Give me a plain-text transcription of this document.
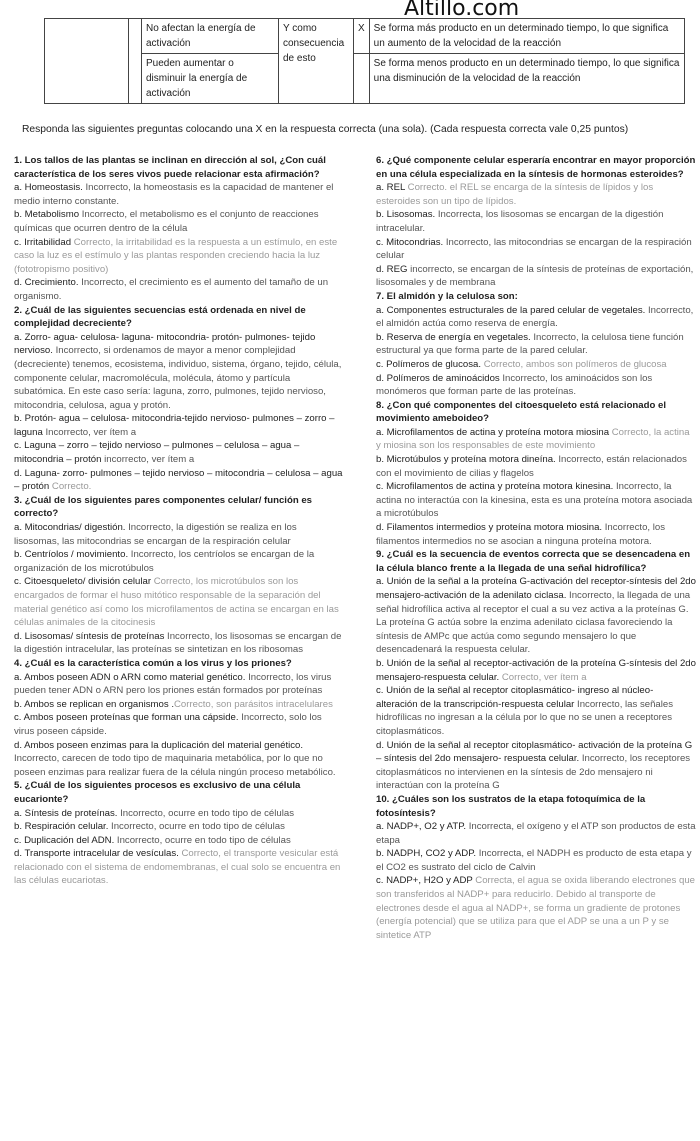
Altillo.com
		No afectan la energía de activación	Y como consecuencia de esto	X	Se forma más producto en un determinado tiempo, lo que significa un aumento de la velocidad de la reacción
		Pueden aumentar o disminuir la energía de activación			Se forma menos producto en un determinado tiempo, lo que significa una disminución de la velocidad de la reacción
Responda las siguientes preguntas colocando una X en la respuesta correcta (una sola). (Cada respuesta correcta vale 0,25 puntos)

1. Los tallos de las plantas se inclinan en dirección al sol, ¿Con cuál característica de los seres vivos puede relacionar esta afirmación?

a. Homeostasis. Incorrecto, la homeostasis es la capacidad de mantener el medio interno constante.

b. Metabolismo Incorrecto, el metabolismo es el conjunto de reacciones químicas que ocurren dentro de la célula

c. Irritabilidad Correcto, la irritabilidad es la respuesta a un estímulo, en este caso la luz es el estímulo y las plantas responden creciendo hacia la luz (fototropismo positivo)

d. Crecimiento. Incorrecto, el crecimiento es el aumento del tamaño de un organismo.

2. ¿Cuál de las siguientes secuencias está ordenada en nivel de complejidad decreciente?

a. Zorro- agua- celulosa- laguna- mitocondria- protón- pulmones- tejido nervioso. Incorrecto, si ordenamos de mayor a menor complejidad (decreciente) tenemos, ecosistema, individuo, sistema, órgano, tejido, célula, componente celular, macromolécula, molécula, átomo y partícula subatómica. En este caso sería: laguna, zorro, pulmones, tejido nervioso, mitocondria, celulosa, agua y protón.

b. Protón- agua – celulosa- mitocondria-tejido nervioso- pulmones – zorro – laguna Incorrecto, ver ítem a

c. Laguna – zorro – tejido nervioso – pulmones – celulosa – agua – mitocondria – protón incorrecto, ver ítem a

d. Laguna- zorro- pulmones – tejido nervioso – mitocondria – celulosa – agua – protón Correcto.

3. ¿Cuál de los siguientes pares componentes celular/ función es correcto?

a. Mitocondrias/ digestión. Incorrecto, la digestión se realiza en los lisosomas, las mitocondrias se encargan de la respiración celular

b. Centríolos / movimiento. Incorrecto, los centríolos se encargan de la organización de los microtúbulos

c. Citoesqueleto/ división celular Correcto, los microtúbulos son los encargados de formar el huso mitótico responsable de la separación del material genético así como los microfilamentos de actina se encargan en las células animales de la citocinesis

d. Lisosomas/ síntesis de proteínas Incorrecto, los lisosomas se encargan de la digestión intracelular, las proteínas se sintetizan en los ribosomas

4. ¿Cuál es la característica común a los virus y los priones?

a. Ambos poseen ADN o ARN como material genético. Incorrecto, los virus pueden tener ADN o ARN pero los priones están formados por proteínas

b. Ambos se replican en organismos .Correcto, son parásitos intracelulares

c. Ambos poseen proteínas que forman una cápside. Incorrecto, solo los virus poseen cápside.

d. Ambos poseen enzimas para la duplicación del material genético. Incorrecto, carecen de todo tipo de maquinaria metabólica, por lo que no poseen enzimas para realizar fuera de la célula ningún proceso metabólico.

5. ¿Cuál de los siguientes procesos es exclusivo de una célula eucarionte?

a. Síntesis de proteínas. Incorrecto, ocurre en todo tipo de células

b. Respiración celular. Incorrecto, ocurre en todo tipo de células

c. Duplicación del ADN. Incorrecto, ocurre en todo tipo de células

d. Transporte intracelular de vesículas. Correcto, el transporte vesicular está relacionado con el sistema de endomembranas, el cual solo se encuentra en las células eucariotas.

6. ¿Qué componente celular esperaría encontrar en mayor proporción en una célula especializada en la síntesis de hormonas esteroides?

a. REL Correcto. el REL se encarga de la síntesis de lípidos y los esteroides son un tipo de lípidos.

b. Lisosomas. Incorrecta, los lisosomas se encargan de la digestión intracelular.

c. Mitocondrias. Incorrecto, las mitocondrias se encargan de la respiración celular

d. REG incorrecto, se encargan de la síntesis de proteínas de exportación, lisosomales y de membrana

7. El almidón y la celulosa son:

a. Componentes estructurales de la pared celular de vegetales. Incorrecto, el almidón actúa como reserva de energía.

b. Reserva de energía en vegetales. Incorrecto, la celulosa tiene función estructural ya que forma parte de la pared celular.

c. Polímeros de glucosa. Correcto, ambos son polímeros de glucosa

d. Polímeros de aminoácidos Incorrecto, los aminoácidos son los monómeros que forman parte de las proteínas.

8. ¿Con qué componentes del citoesqueleto está relacionado el movimiento ameboideo?

a. Microfilamentos de actina y proteína motora miosina Correcto, la actina y miosina son los responsables de este movimiento

b. Microtúbulos y proteína motora dineína. Incorrecto, están relacionados con el movimiento de cilias y flagelos

c. Microfilamentos de actina y proteína motora kinesina. Incorrecto, la actina no interactúa con la kinesina, esta es una proteína motora asociada a microtúbulos

d. Filamentos intermedios y proteína motora miosina. Incorrecto, los filamentos intermedios no se asocian a ninguna proteína motora.

9. ¿Cuál es la secuencia de eventos correcta que se desencadena en la célula blanco frente a la llegada de una señal hidrofílica?

a. Unión de la señal a la proteína G-activación del receptor-síntesis del 2do mensajero-activación de la adenilato ciclasa. Incorrecto, la llegada de una señal hidrofílica activa al receptor el cual a su vez activa a la proteínas G. La proteína G actúa sobre la enzima adenilato ciclasa favoreciendo la síntesis de AMPc que actúa como segundo mensajero lo que desencadenará la respuesta celular.

b. Unión de la señal al receptor-activación de la proteína G-síntesis del 2do mensajero-respuesta celular. Correcto, ver ítem a

c. Unión de la señal al receptor citoplasmático- ingreso al núcleo- alteración de la transcripción-respuesta celular Incorrecto, las señales hidrofílicas no ingresan a la célula por lo que no se unen a receptores citoplasmáticos.

d. Unión de la señal al receptor citoplasmático- activación de la proteína G – síntesis del 2do mensajero- respuesta celular. Incorrecto, los receptores citoplasmáticos no intervienen en la síntesis de 2do mensajero ni interactúan con la proteína G

10. ¿Cuáles son los sustratos de la etapa fotoquímica de la fotosíntesis?

a. NADP+, O2 y ATP. Incorrecta, el oxígeno y el ATP son productos de esta etapa

b. NADPH, CO2 y ADP. Incorrecta, el NADPH es producto de esta etapa y el CO2 es sustrato del ciclo de Calvin

c. NADP+, H2O y ADP Correcta, el agua se oxida liberando electrones que son transferidos al NADP+ para reducirlo. Debido al transporte de electrones desde el agua al NADP+, se forma un gradiente de protones (energía potencial) que se utiliza para que el ADP se una a un P y se sintetice ATP
